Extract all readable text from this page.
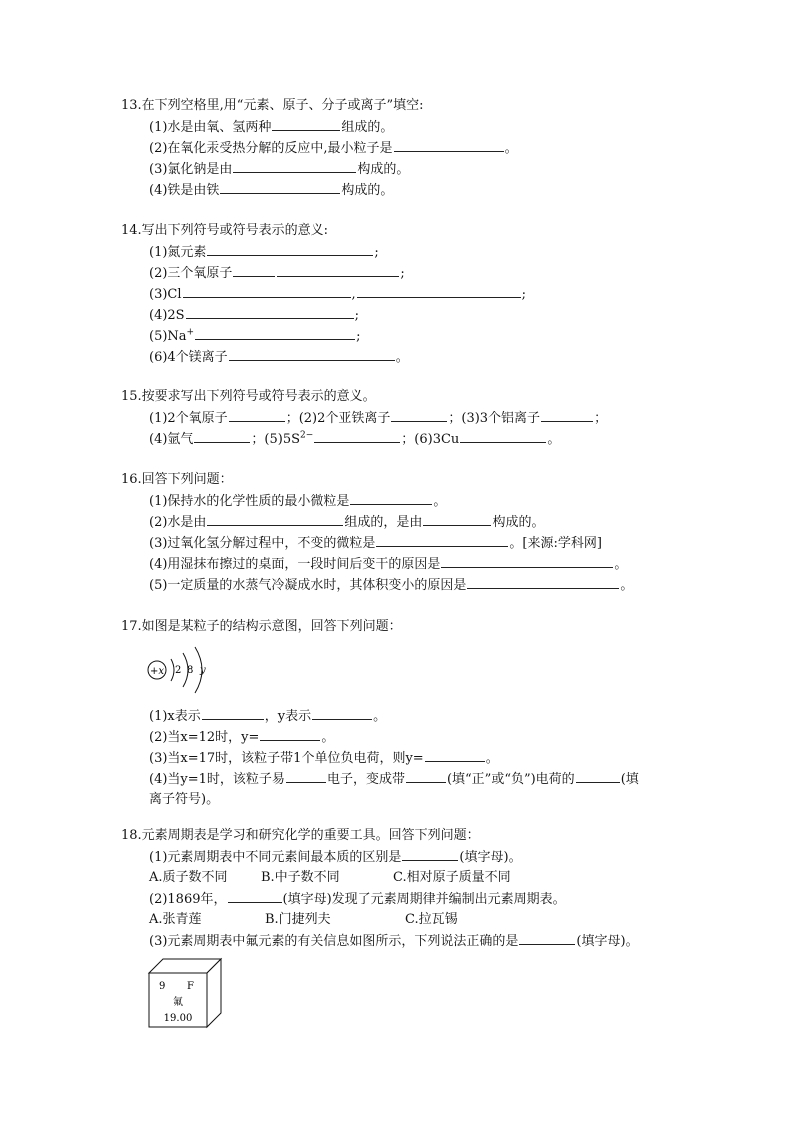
13.在下列空格里,用“元素、原子、分子或离子”填空:
(1)水是由氧、氢两种	组成的。
(2)在氧化汞受热分解的反应中,最小粒子是	。
(3)氯化钠是由	构成的。
(4)铁是由铁	构成的。
14.写出下列符号或符号表示的意义:
(1)氮元素	;
(2)三个氧原子	;
(3)Cl	,	;
(4)2S	;
(5)Na+	;
(6)4个镁离子	。
15.按要求写出下列符号或符号表示的意义。
(1)2个氧原子	；(2)2个亚铁离子	；(3)3个铝离子	；
(4)氩气	；$(5)5S^{2-}$	；(6)3Cu	。
16.回答下列问题：
(1)保持水的化学性质的最小微粒是	。
(2)水是由	组成的，是由	构成的。
(3)过氧化氢分解过程中，不变的微粒是	。[来源:学科网]
(4)用湿抹布擦过的桌面，一段时间后变干的原因是	。
(5)一定质量的水蒸气冷凝成水时，其体积变小的原因是	。
17.如图是某粒子的结构示意图，回答下列问题：
+x 2 8 y
(1)x表示	，y表示	。
(2)当x=12时，y=	。
(3)当x=17时，该粒子带1个单位负电荷，则y=	。
(4)当y=1时，该粒子易	电子，变成带	(填“正”或“负”)电荷的	(填
离子符号)。
18.元素周期表是学习和研究化学的重要工具。回答下列问题：
(1)元素周期表中不同元素间最本质的区别是	(填字母)。
A.质子数不同	B.中子数不同	C.相对原子质量不同
(2)1869年，	(填字母)发现了元素周期律并编制出元素周期表。
A.张青莲	B.门捷列夫	C.拉瓦锡
(3)元素周期表中氟元素的有关信息如图所示，下列说法正确的是	(填字母)。
9 F
氟
19.00
